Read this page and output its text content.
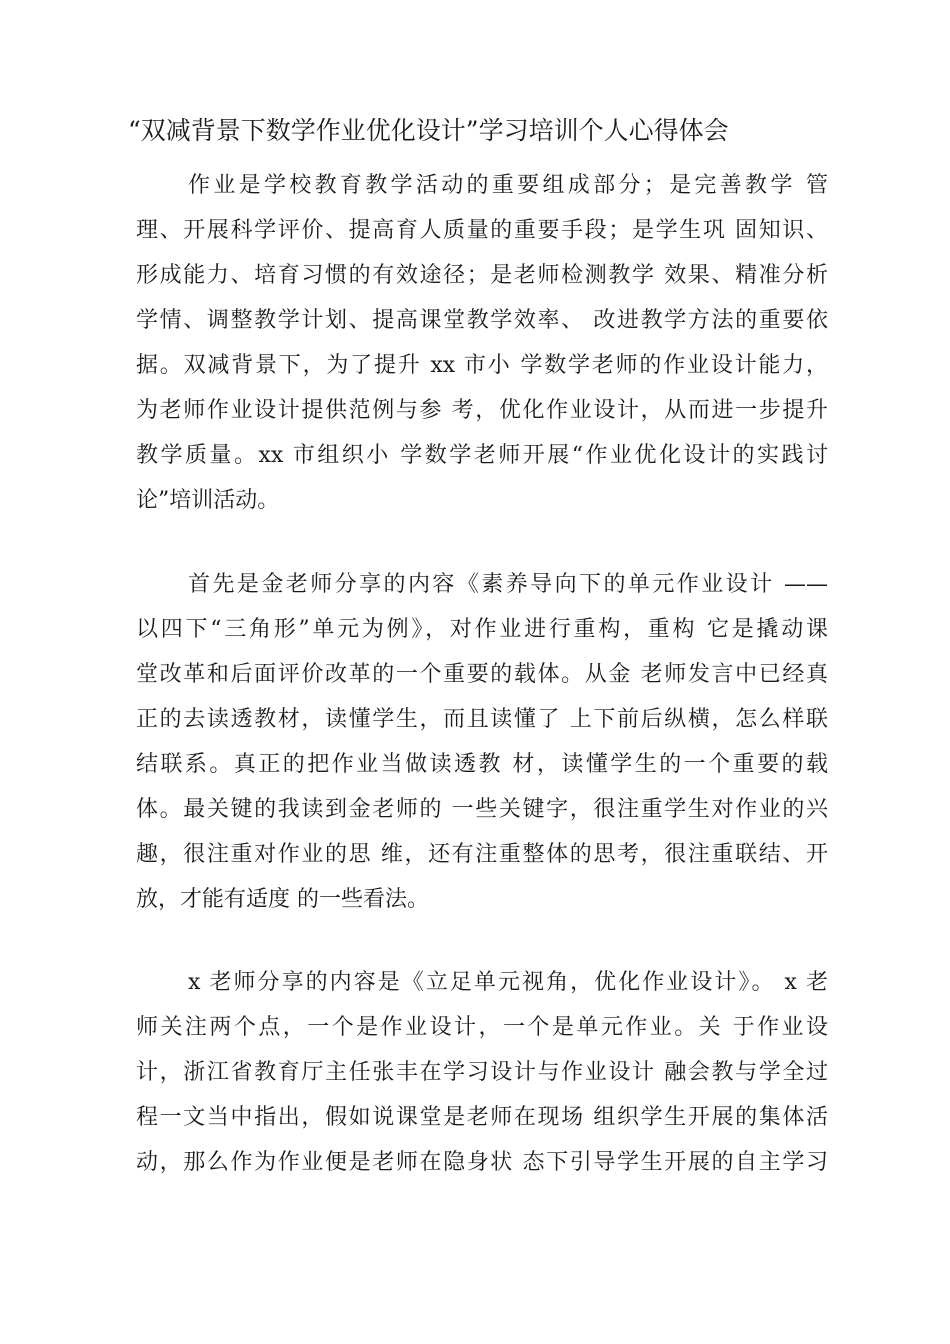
“双减背景下数学作业优化设计”学习培训个人心得体会
作业是学校教育教学活动的重要组成部分；是完善教学 管
理、开展科学评价、提高育人质量的重要手段；是学生巩 固知识、
形成能力、培育习惯的有效途径；是老师检测教学 效果、精准分析
学情、调整教学计划、提高课堂教学效率、 改进教学方法的重要依
据。双减背景下，为了提升 xx 市小 学数学老师的作业设计能力，
为老师作业设计提供范例与参 考，优化作业设计，从而进一步提升
教学质量。xx 市组织小 学数学老师开展“作业优化设计的实践讨
论”培训活动。
首先是金老师分享的内容《素养导向下的单元作业设计 ——
以四下“三角形”单元为例》，对作业进行重构，重构 它是撬动课
堂改革和后面评价改革的一个重要的载体。从金 老师发言中已经真
正的去读透教材，读懂学生，而且读懂了 上下前后纵横，怎么样联
结联系。真正的把作业当做读透教 材，读懂学生的一个重要的载
体。最关键的我读到金老师的 一些关键字，很注重学生对作业的兴
趣，很注重对作业的思 维，还有注重整体的思考，很注重联结、开
放，才能有适度 的一些看法。
x 老师分享的内容是《立足单元视角，优化作业设计》。 x 老
师关注两个点，一个是作业设计，一个是单元作业。关 于作业设
计，浙江省教育厅主任张丰在学习设计与作业设计 融会教与学全过
程一文当中指出，假如说课堂是老师在现场 组织学生开展的集体活
动，那么作为作业便是老师在隐身状 态下引导学生开展的自主学习
